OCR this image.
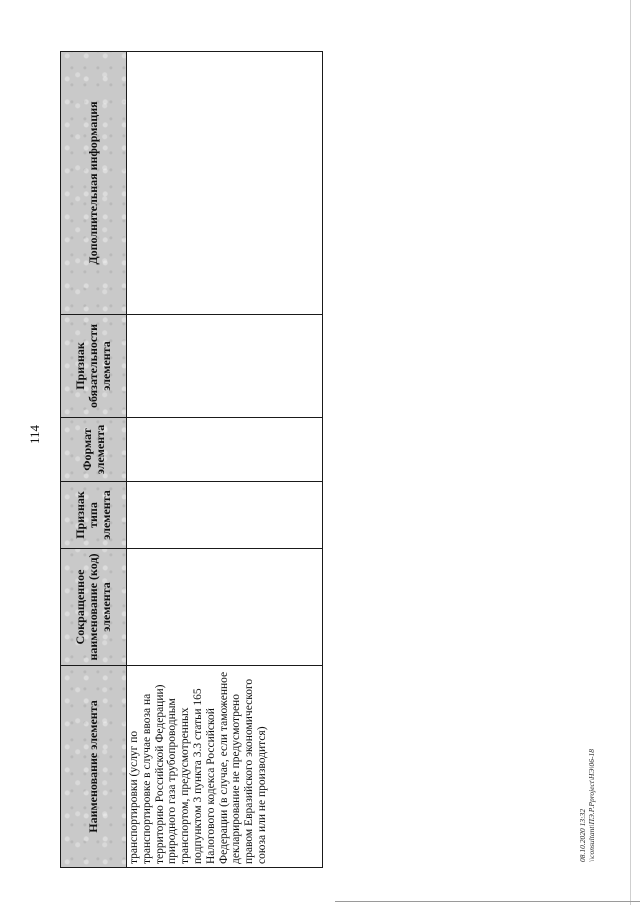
114
Наименование элемента	Сокращенное наименование (код) элемента	Признак типа элемента	Формат элемента	Признак обязательности элемента	Дополнительная информация

транспортировки (услуг по транспортировке в случае ввоза на территорию Российской Федерации) природного газа трубопроводным транспортом, предусмотренных подпунктом 3 пункта 3.3 статьи 165 Налогового кодекса Российской Федерации (в случае, если таможенное декларирование не предусмотрено правом Евразийского экономического союза или не производится)					
						08.10.2020 13:32 \\consultant\ПЭ.Р.Pproject\НЭ\06-18
